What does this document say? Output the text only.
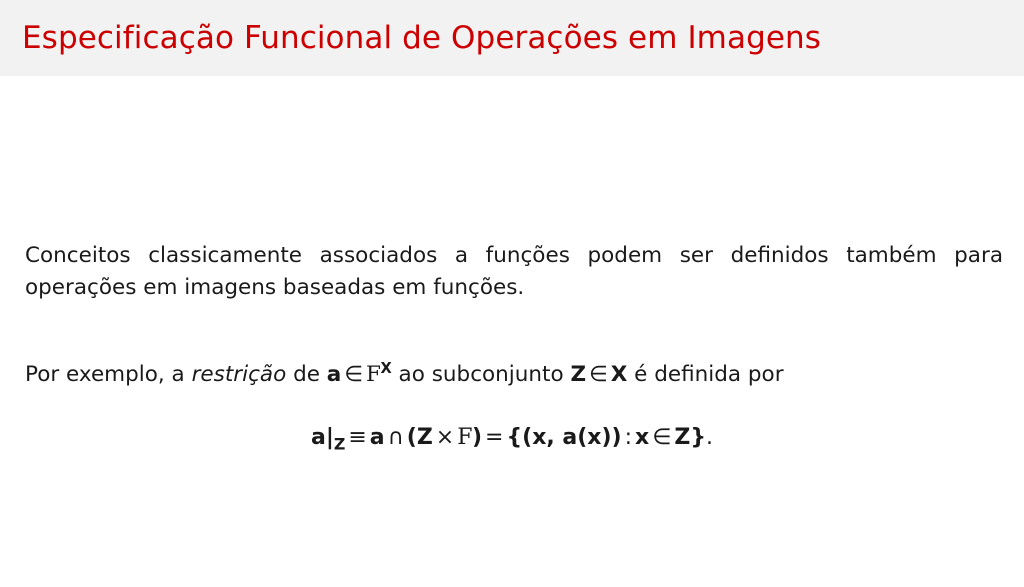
Especificação Funcional de Operações em Imagens
Conceitos classicamente associados a funções podem ser definidos também para operações em imagens baseadas em funções.
Por exemplo, a restrição de a ∈ $F^X$ ao subconjunto Z ∈ X é definida por
$a|_Z \equiv a$ ∩ (Z × F) = {(x, a(x)) : x ∈ Z}.
